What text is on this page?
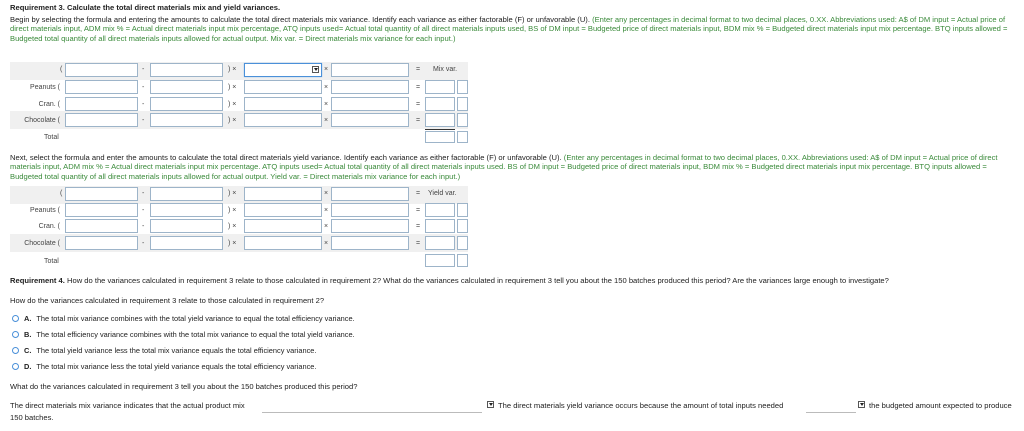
Requirement 3. Calculate the total direct materials mix and yield variances.
Begin by selecting the formula and entering the amounts to calculate the total direct materials mix variance. Identify each variance as either factorable (F) or unfavorable (U). (Enter any percentages in decimal format to two decimal places, 0.XX. Abbreviations used: A$ of DM input = Actual price of direct materials input, ADM mix % = Actual direct materials input mix percentage, ATQ inputs used= Actual total quantity of all direct materials inputs used, BS of DM input = Budgeted price of direct materials input, BDM mix % = Budgeted direct materials input mix percentage. BTQ inputs allowed = Budgeted total quantity of all direct materials inputs allowed for actual output. Mix var. = Direct materials mix variance for each input.)
(	-	) ×	×	= Mix var.
Peanuts (	-	) ×	×	=
Cran. (	-	) ×	×	=
Chocolate (	-	) ×	×	=
Total
Next, select the formula and enter the amounts to calculate the total direct materials yield variance. Identify each variance as either factorable (F) or unfavorable (U). (Enter any percentages in decimal format to two decimal places, 0.XX. Abbreviations used: A$ of DM input = Actual price of direct materials input, ADM mix % = Actual direct materials input mix percentage. ATQ inputs used= Actual total quantity of all direct materials inputs used. BS of DM input = Budgeted price of direct materials input, BDM mix % = Budgeted direct materials input mix percentage. BTQ inputs allowed = Budgeted total quantity of all direct materials inputs allowed for actual output. Yield var. = Direct materials mix variance for each input.)
(	-	) ×	×	= Yield var.
Peanuts (	-	) ×	×	=
Cran. (	-	) ×	×	=
Chocolate (	-	) ×	×	=
Total
Requirement 4. How do the variances calculated in requirement 3 relate to those calculated in requirement 2? What do the variances calculated in requirement 3 tell you about the 150 batches produced this period? Are the variances large enough to investigate?
How do the variances calculated in requirement 3 relate to those calculated in requirement 2?
A. The total mix variance combines with the total yield variance to equal the total efficiency variance.
B. The total efficiency variance combines with the total mix variance to equal the total yield variance.
C. The total yield variance less the total mix variance equals the total efficiency variance.
D. The total mix variance less the total yield variance equals the total efficiency variance.
What do the variances calculated in requirement 3 tell you about the 150 batches produced this period?
The direct materials mix variance indicates that the actual product mix	The direct materials yield variance occurs because the amount of total inputs needed	the budgeted amount expected to produce
150 batches.
